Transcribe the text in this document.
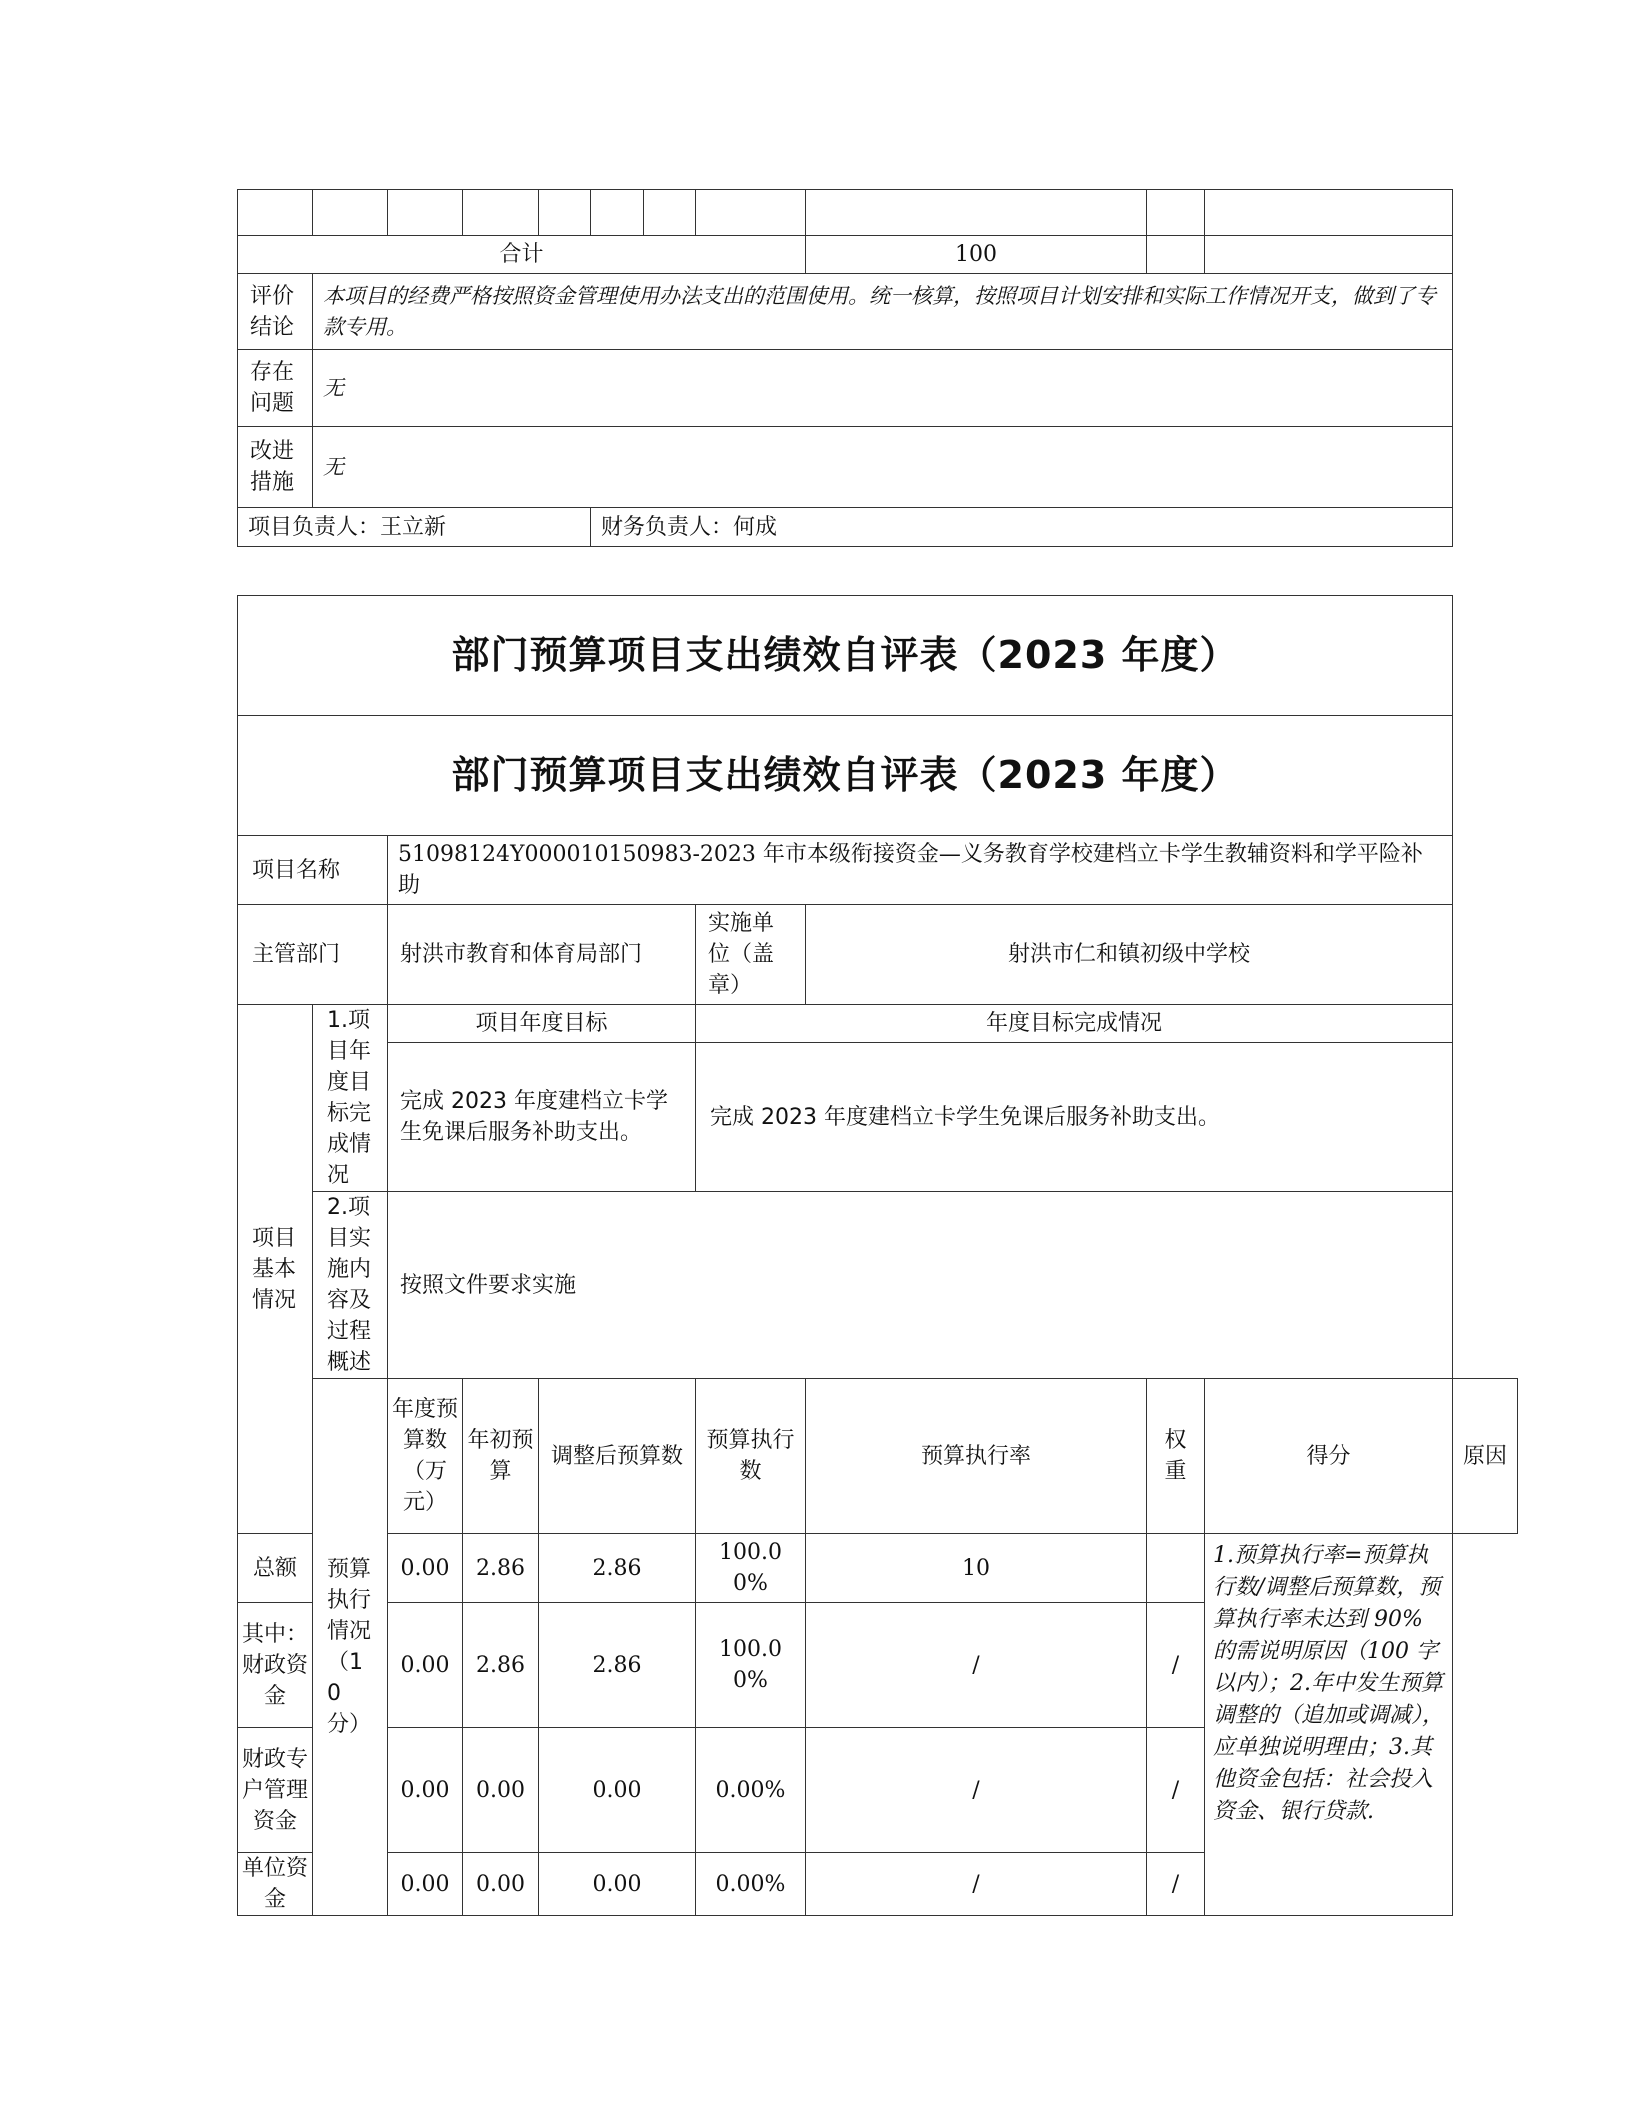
合计								100		
评价结论	本项目的经费严格按照资金管理使用办法支出的范围使用。统一核算，按照项目计划安排和实际工作情况开支，做到了专款专用。									
存在问题	无									
改进措施	无									
项目负责人：王立新					财务负责人：何成					
部门预算项目支出绩效自评表（2023 年度）									
部门预算项目支出绩效自评表（2023 年度）									
项目名称		51098124Y000010150983-2023 年市本级衔接资金—义务教育学校建档立卡学生教辅资料和学平险补助							
主管部门		射洪市教育和体育局部门			实施单位（盖章）	射洪市仁和镇初级中学校			
项目基本情况	1.项目年度目标完成情况	项目年度目标			年度目标完成情况				
		完成 2023 年度建档立卡学生免课后服务补助支出。			完成 2023 年度建档立卡学生免课后服务补助支出。				
	2.项目实施内容及过程概述	按照文件要求实施							
	预算执行情况（10 分）	年度预算数（万元）	年初预算	调整后预算数	预算执行数	预算执行率	权重	得分	原因
总额		0.00	2.86	2.86	100.00%	10		1.预算执行率=预算执行数/调整后预算数，预算执行率未达到 90%的需说明原因（100 字以内）；2.年中发生预算调整的（追加或调减），应单独说明理由；3.其他资金包括：社会投入资金、银行贷款.	
其中：财政资金		0.00	2.86	2.86	100.00%	/	/		
财政专户管理资金		0.00	0.00	0.00	0.00%	/	/		
单位资金		0.00	0.00	0.00	0.00%	/	/		
